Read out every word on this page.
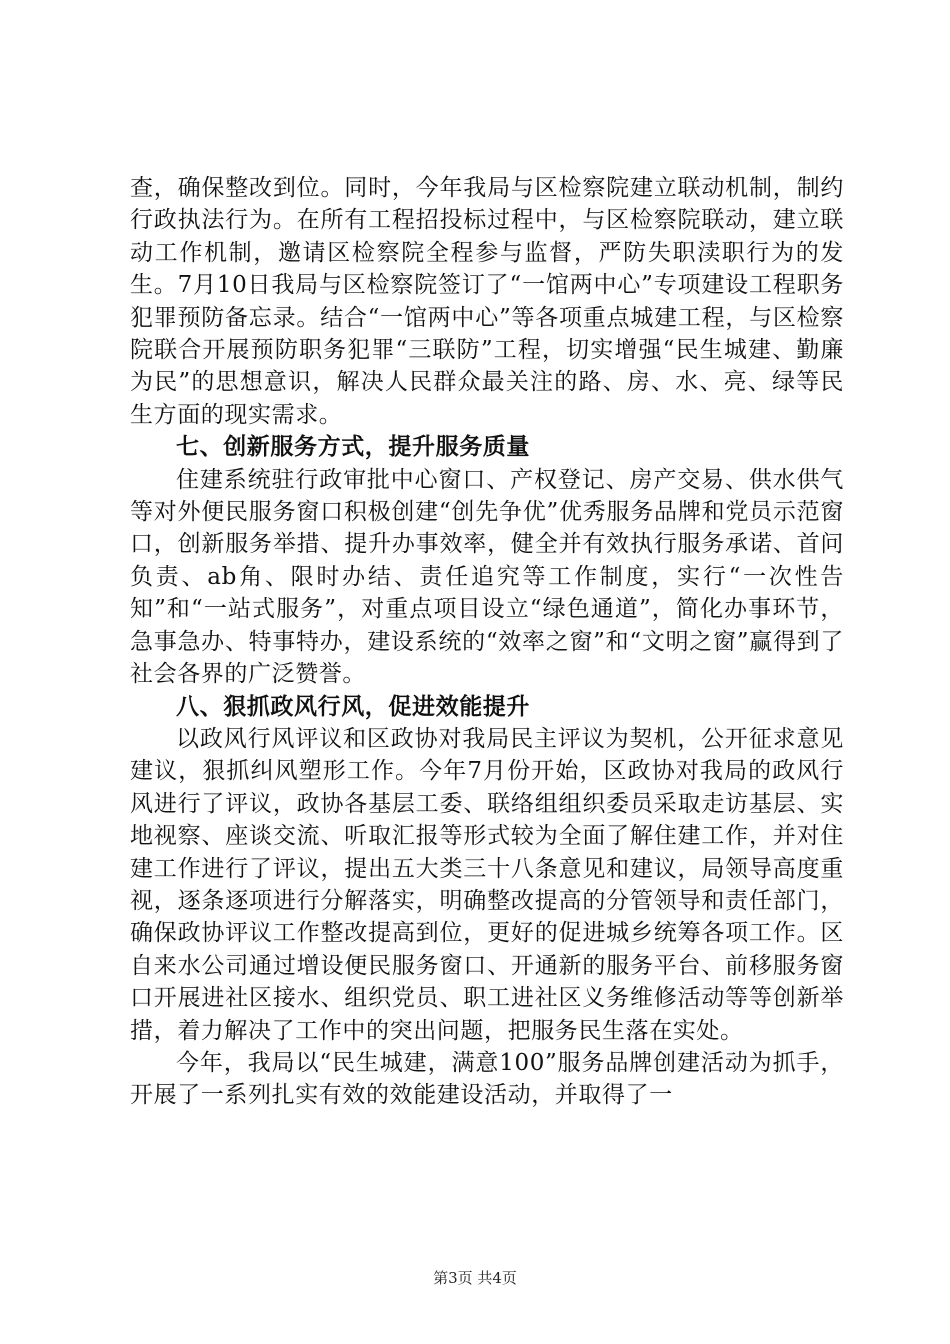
查，确保整改到位。同时，今年我局与区检察院建立联动机制，制约行政执法行为。在所有工程招投标过程中，与区检察院联动，建立联动工作机制，邀请区检察院全程参与监督，严防失职渎职行为的发生。7月10日我局与区检察院签订了“一馆两中心”专项建设工程职务犯罪预防备忘录。结合“一馆两中心”等各项重点城建工程，与区检察院联合开展预防职务犯罪“三联防”工程，切实增强“民生城建、勤廉为民”的思想意识，解决人民群众最关注的路、房、水、亮、绿等民生方面的现实需求。

七、创新服务方式，提升服务质量

住建系统驻行政审批中心窗口、产权登记、房产交易、供水供气等对外便民服务窗口积极创建“创先争优”优秀服务品牌和党员示范窗口，创新服务举措、提升办事效率，健全并有效执行服务承诺、首问负责、ab角、限时办结、责任追究等工作制度，实行“一次性告知”和“一站式服务”，对重点项目设立“绿色通道”，简化办事环节，急事急办、特事特办，建设系统的“效率之窗”和“文明之窗”赢得到了社会各界的广泛赞誉。

八、狠抓政风行风，促进效能提升

以政风行风评议和区政协对我局民主评议为契机，公开征求意见建议，狠抓纠风塑形工作。今年7月份开始，区政协对我局的政风行风进行了评议，政协各基层工委、联络组组织委员采取走访基层、实地视察、座谈交流、听取汇报等形式较为全面了解住建工作，并对住建工作进行了评议，提出五大类三十八条意见和建议，局领导高度重视，逐条逐项进行分解落实，明确整改提高的分管领导和责任部门，确保政协评议工作整改提高到位，更好的促进城乡统筹各项工作。区自来水公司通过增设便民服务窗口、开通新的服务平台、前移服务窗口开展进社区接水、组织党员、职工进社区义务维修活动等等创新举措，着力解决了工作中的突出问题，把服务民生落在实处。

今年，我局以“民生城建，满意100”服务品牌创建活动为抓手，开展了一系列扎实有效的效能建设活动，并取得了一

第3页 共4页
